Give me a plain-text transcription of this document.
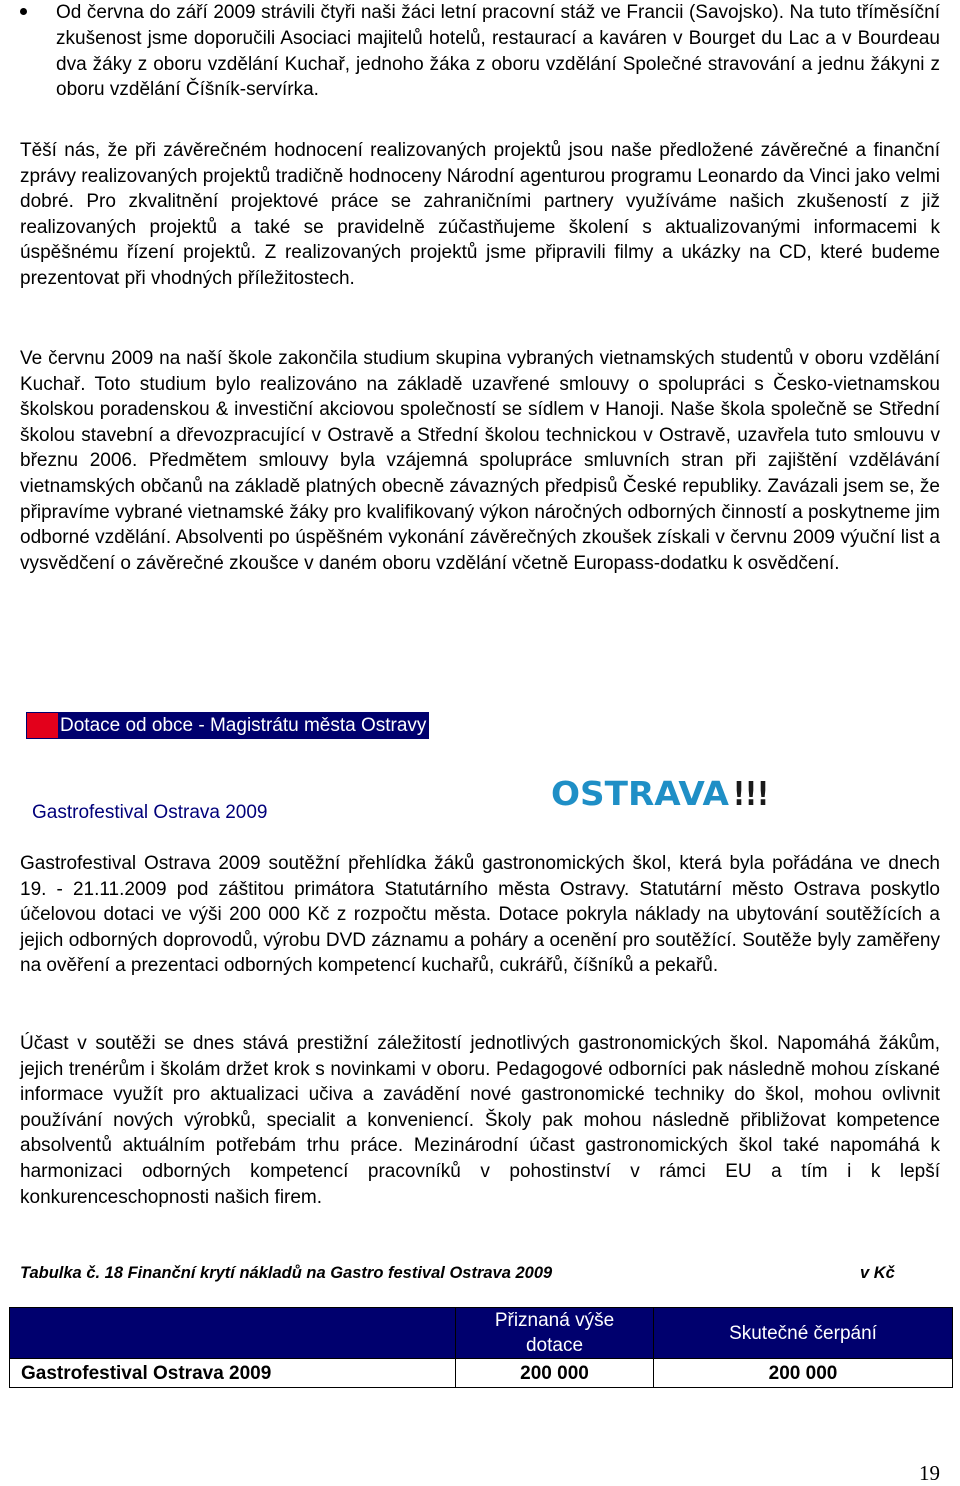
Od června do září 2009 strávili čtyři naši žáci letní pracovní stáž ve Francii (Savojsko). Na tuto tříměsíční zkušenost jsme doporučili Asociaci majitelů hotelů, restaurací a kaváren v Bourget du Lac a v Bourdeau dva žáky z oboru vzdělání Kuchař, jednoho žáka z oboru vzdělání Společné stravování a jednu žákyni z oboru vzdělání Číšník-servírka.

Těší nás, že při závěrečném hodnocení realizovaných projektů jsou naše předložené závěrečné a finanční zprávy realizovaných projektů tradičně hodnoceny Národní agenturou programu Leonardo da Vinci jako velmi dobré. Pro zkvalitnění projektové práce se zahraničními partnery využíváme našich zkušeností z již realizovaných projektů a také se pravidelně zúčastňujeme školení s aktualizovanými informacemi k úspěšnému řízení projektů. Z realizovaných projektů jsme připravili filmy a ukázky na CD, které budeme prezentovat při vhodných příležitostech.

Ve červnu 2009 na naší škole zakončila studium skupina vybraných vietnamských studentů v oboru vzdělání Kuchař. Toto studium bylo realizováno na základě uzavřené smlouvy o spolupráci s Česko-vietnamskou školskou poradenskou & investiční akciovou společností se sídlem v Hanoji. Naše škola společně se Střední školou stavební a dřevozpracující v Ostravě a Střední školou technickou v Ostravě, uzavřela tuto smlouvu v březnu 2006. Předmětem smlouvy byla vzájemná spolupráce smluvních stran při zajištění vzdělávání vietnamských občanů na základě platných obecně závazných předpisů České republiky. Zavázali jsem se, že připravíme vybrané vietnamské žáky pro kvalifikovaný výkon náročných odborných činností a poskytneme jim odborné vzdělání. Absolventi po úspěšném vykonání závěrečných zkoušek získali v červnu 2009 výuční list a vysvědčení o závěrečné zkoušce v daném oboru vzdělání včetně Europass-dodatku k osvědčení.

Dotace od obce - Magistrátu města Ostravy
Gastrofestival Ostrava 2009	OSTRAVA !!!

Gastrofestival Ostrava 2009 soutěžní přehlídka žáků gastronomických škol, která byla pořádána ve dnech 19. - 21.11.2009 pod záštitou primátora Statutárního města Ostravy. Statutární město Ostrava poskytlo účelovou dotaci ve výši 200 000 Kč z rozpočtu města. Dotace pokryla náklady na ubytování soutěžících a jejich odborných doprovodů, výrobu DVD záznamu a poháry a ocenění pro soutěžící. Soutěže byly zaměřeny na ověření a prezentaci odborných kompetencí kuchařů, cukrářů, číšníků a pekařů.

Účast v soutěži se dnes stává prestižní záležitostí jednotlivých gastronomických škol. Napomáhá žákům, jejich trenérům i školám držet krok s novinkami v oboru. Pedagogové odborníci pak následně mohou získané informace využít pro aktualizaci učiva a zavádění nové gastronomické techniky do škol, mohou ovlivnit používání nových výrobků, specialit a konveniencí. Školy pak mohou následně přibližovat kompetence absolventů aktuálním potřebám trhu práce. Mezinárodní účast gastronomických škol také napomáhá k harmonizaci odborných kompetencí pracovníků v pohostinství v rámci EU a tím i k lepší konkurenceschopnosti našich firem.

Tabulka č. 18 Finanční krytí nákladů na Gastro festival Ostrava 2009	v Kč
	Přiznaná výše dotace	Skutečné čerpání
Gastrofestival Ostrava 2009	200 000	200 000
19
